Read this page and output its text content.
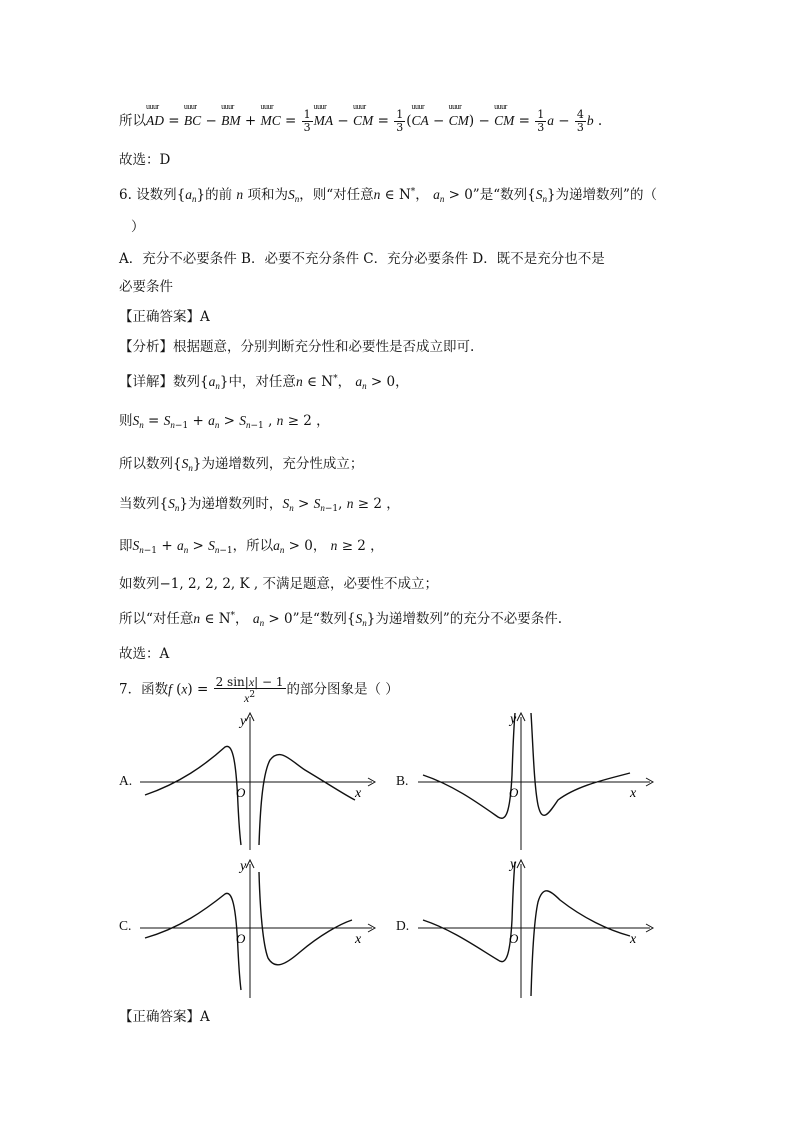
所以uuur AD = uuur BC − uuur BM + uuur MC = $\frac{1}{3}$
uuur MA − uuur CM = $\frac{1}{3}$ (uuur CA − uuur CM) − uuur CM = $\frac{1}{3}$ $a - \frac{4}{3}$ b .
故选：D
6. 设数列$\{a_n\}$的前 n 项和为$S_n$，则“对任意n ∈ N*， $a_n > 0$”是“数列$\{S_n\}$为递增数列”的（
）
A．充分不必要条件 B．必要不充分条件 C．充分必要条件 D．既不是充分也不是
必要条件
【正确答案】A
【分析】根据题意，分别判断充分性和必要性是否成立即可.
【详解】数列$\{a_n\}$中，对任意n ∈ N*， $a_n > 0$，
则$S_n = S_{n-1} + a_n > S_{n-1}$ , n ≥ 2 ，
所以数列$\{S_n\}$为递增数列，充分性成立；
当数列$\{S_n\}$为递增数列时，$S_n > S_{n-1}$, n ≥ 2 ，
即$S_{n-1} + a_n > S_{n-1}$，所以$a_n > 0$， n ≥ 2 ，
如数列−1, 2, 2, 2, K , 不满足题意，必要性不成立；
所以“对任意n ∈ N*， $a_n > 0$”是“数列$\{S_n\}$为递增数列”的充分不必要条件.
故选：A
7．函数f $(x) = \frac{2 \sin|x| - 1}{x^2}$ 的部分图象是（ ）
A.
y
O	x
B.
y
O	x
C.
y
O	x
D.
y
O	x
【正确答案】A
